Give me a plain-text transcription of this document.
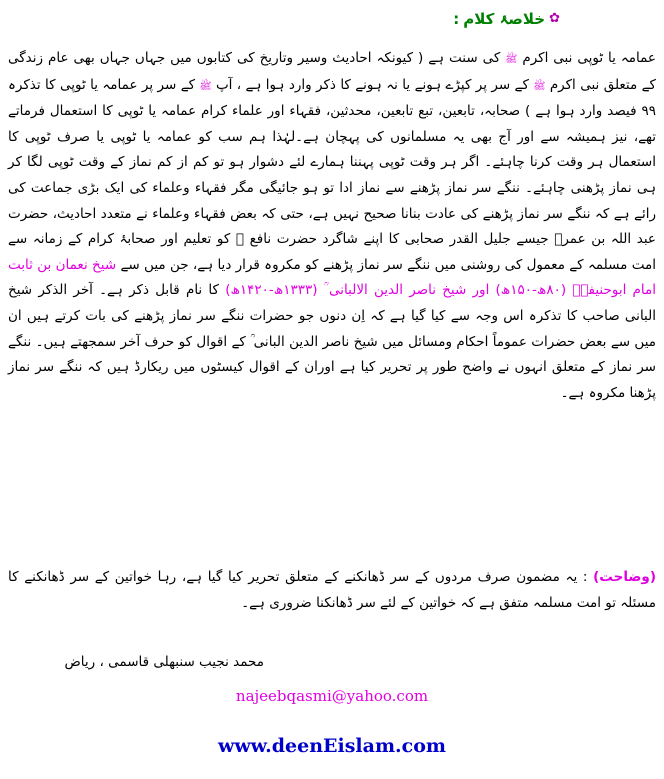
✿
خلاصۂ کلام
:

عمامہ یا ٹوپی نبی اکرم ﷺ کی سنت ہے ( کیونکہ احادیث وسیر وتاریخ کی کتابوں میں جہاں جہاں بھی عام زندگی کے متعلق نبی اکرم ﷺ کے سر پر کپڑے ہونے یا نہ ہونے کا ذکر وارد ہوا ہے ، آپ ﷺ کے سر پر عمامہ یا ٹوپی کا تذکرہ ۹۹ فیصد وارد ہوا ہے ) صحابہ، تابعین، تبع تابعین، محدثین، فقہاء اور علماء کرام عمامہ یا ٹوپی کا استعمال فرماتے تھے، نیز ہمیشہ سے اور آج بھی یہ مسلمانوں کی پہچان ہے۔لہٰذا ہم سب کو عمامہ یا ٹوپی یا صرف ٹوپی کا استعمال ہر وقت کرنا چاہئے۔ اگر ہر وقت ٹوپی پہننا ہمارے لئے دشوار ہو تو کم از کم نماز کے وقت ٹوپی لگا کر ہی نماز پڑھنی چاہئے۔ ننگے سر نماز پڑھنے سے نماز ادا تو ہو جائیگی مگر فقہاء وعلماء کی ایک بڑی جماعت کی رائے ہے کہ ننگے سر نماز پڑھنے کی عادت بنانا صحیح نہیں ہے، حتی کہ بعض فقہاء وعلماء نے متعدد احادیث، حضرت عبد اللہ بن عمرؓ جیسے جلیل القدر صحابی کا اپنے شاگرد حضرت نافع ؒ کو تعلیم اور صحابۂ کرام کے زمانہ سے امت مسلمہ کے معمول کی روشنی میں ننگے سر نماز پڑھنے کو مکروہ قرار دیا ہے، جن میں سے شیخ نعمان بن ثابت امام ابوحنیفہؒ (۸۰ھ-۱۵۰ھ) اور شیخ ناصر الدین الالبانی ؒ (۱۳۳۳ھ-۱۴۲۰ھ) کا نام قابل ذکر ہے۔ آخر الذکر شیخ البانی صاحب کا تذکرہ اس وجہ سے کیا گیا ہے کہ اِن دنوں جو حضرات ننگے سر نماز پڑھنے کی بات کرتے ہیں ان میں سے بعض حضرات عموماً احکام ومسائل میں شیخ ناصر الدین البانی ؒ کے اقوال کو حرف آخر سمجھتے ہیں۔ ننگے سر نماز کے متعلق انہوں نے واضح طور پر تحریر کیا ہے اوران کے اقوال کیسٹوں میں ریکارڈ ہیں کہ ننگے سر نماز پڑھنا مکروہ ہے۔

(وضاحت) : یہ مضمون صرف مردوں کے سر ڈھانکنے کے متعلق تحریر کیا گیا ہے، رہا خواتین کے سر ڈھانکنے کا مسئلہ تو امت مسلمہ متفق ہے کہ خواتین کے لئے سر ڈھانکنا ضروری ہے۔
محمد نجیب سنبھلی قاسمی ، ریاض
najeebqasmi@yahoo.com
www.deenEislam.com
